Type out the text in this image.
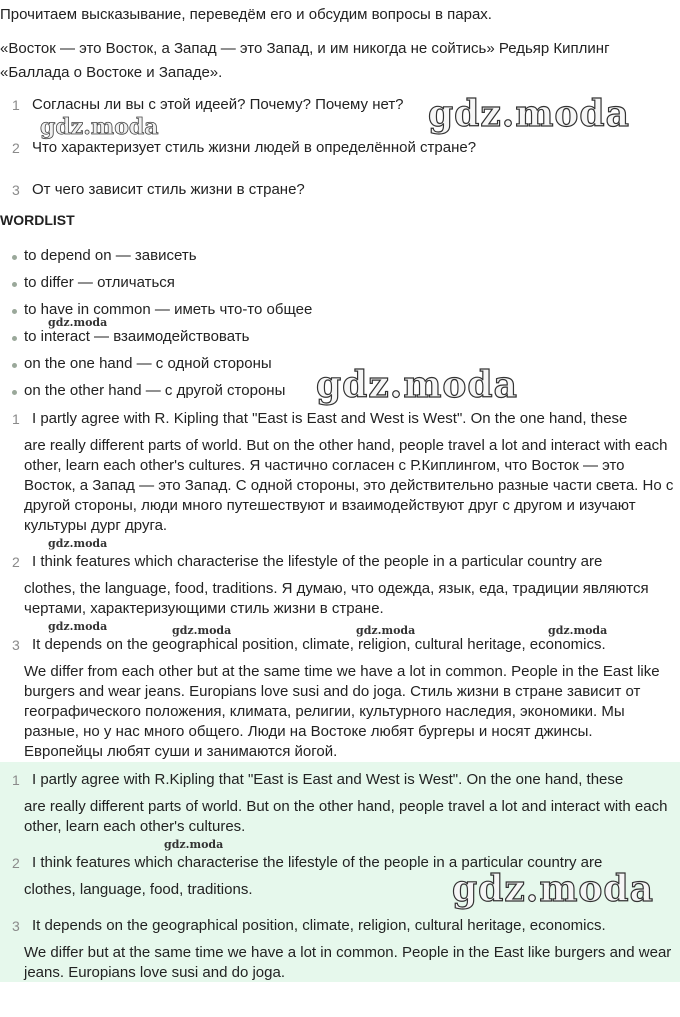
Прочитаем высказывание, переведём его и обсудим вопросы в парах.
«Восток — это Восток, а Запад — это Запад, и им никогда не сойтись» Редьяр Киплинг
«Баллада о Востоке и Западе».
1 Согласны ли вы с этой идеей? Почему? Почему нет?
2 Что характеризует стиль жизни людей в определённой стране?
3 От чего зависит стиль жизни в стране?
WORDLIST
to depend on — зависеть
to differ — отличаться
to have in common — иметь что-то общее
to interact — взаимодействовать
on the one hand — с одной стороны
on the other hand — с другой стороны
1 I partly agree with R. Kipling that "East is East and West is West". On the one hand, these
are really different parts of world. But on the other hand, people travel a lot and interact with each other, learn each other's cultures. Я частично согласен с Р.Киплингом, что Восток — это Восток, а Запад — это Запад. С одной стороны, это действительно разные части света. Но с другой стороны, люди много путешествуют и взаимодействуют друг с другом и изучают культуры дург друга.
2 I think features which characterise the lifestyle of the people in a particular country are
clothes, the language, food, traditions. Я думаю, что одежда, язык, еда, традиции являются чертами, характеризующими стиль жизни в стране.
3 It depends on the geographical position, climate, religion, cultural heritage, economics.
We differ from each other but at the same time we have a lot in common. People in the East like burgers and wear jeans. Europians love susi and do joga. Стиль жизни в стране зависит от географического положения, климата, религии, культурного наследия, экономики. Мы разные, но у нас много общего. Люди на Востоке любят бургеры и носят джинсы. Европейцы любят суши и занимаются йогой.
1 I partly agree with R.Kipling that "East is East and West is West". On the one hand, these
are really different parts of world. But on the other hand, people travel a lot and interact with each other, learn each other's cultures.
2 I think features which characterise the lifestyle of the people in a particular country are
clothes, language, food, traditions.
3 It depends on the geographical position, climate, religion, cultural heritage, economics.
We differ but at the same time we have a lot in common. People in the East like burgers and wear jeans. Europians love susi and do joga.
gdz.moda
gdz.moda
gdz.moda
gdz.moda
gdz.moda
gdz.moda	gdz.moda	gdz.moda	gdz.moda
gdz.moda
gdz.moda
